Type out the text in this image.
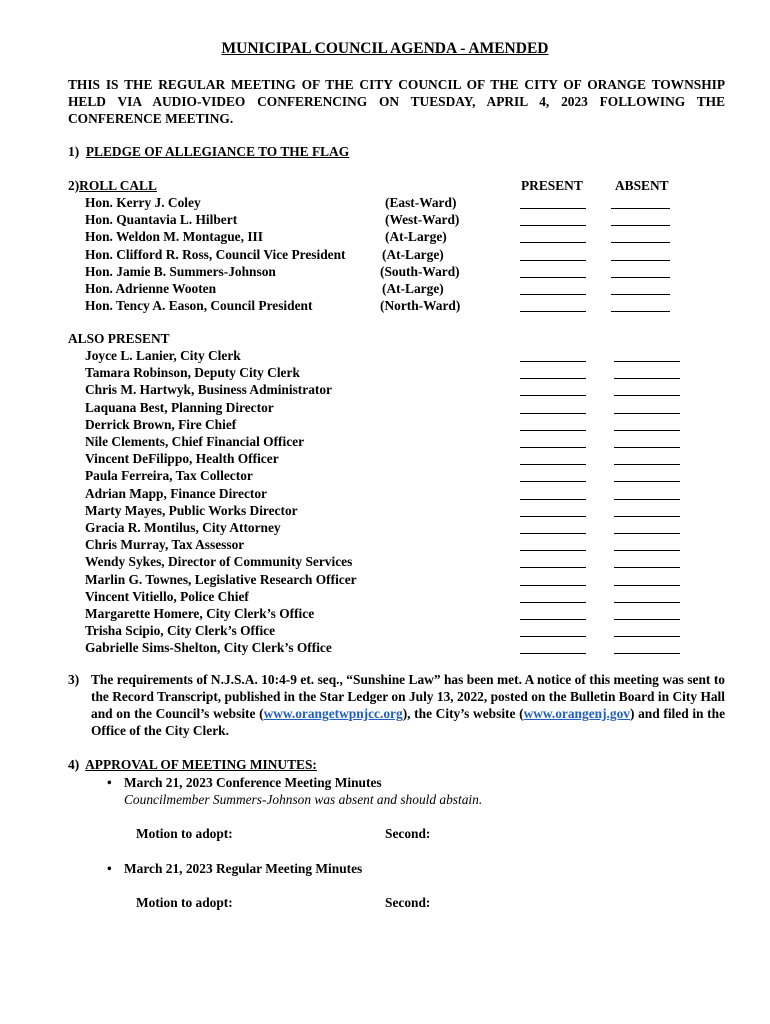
MUNICIPAL COUNCIL AGENDA - AMENDED
THIS IS THE REGULAR MEETING OF THE CITY COUNCIL OF THE CITY OF ORANGE TOWNSHIP HELD VIA AUDIO-VIDEO CONFERENCING ON TUESDAY, APRIL 4, 2023 FOLLOWING THE CONFERENCE MEETING.
1) PLEDGE OF ALLEGIANCE TO THE FLAG
2)ROLL CALL	PRESENT ABSENT
Hon. Kerry J. Coley	(East-Ward)
Hon. Quantavia L. Hilbert	(West-Ward)
Hon. Weldon M. Montague, III	(At-Large)
Hon. Clifford R. Ross, Council Vice President	(At-Large)
Hon. Jamie B. Summers-Johnson	(South-Ward)
Hon. Adrienne Wooten	(At-Large)
Hon. Tency A. Eason, Council President	(North-Ward)
ALSO PRESENT
Joyce L. Lanier, City Clerk
Tamara Robinson, Deputy City Clerk
Chris M. Hartwyk, Business Administrator
Laquana Best, Planning Director
Derrick Brown, Fire Chief
Nile Clements, Chief Financial Officer
Vincent DeFilippo, Health Officer
Paula Ferreira, Tax Collector
Adrian Mapp, Finance Director
Marty Mayes, Public Works Director
Gracia R. Montilus, City Attorney
Chris Murray, Tax Assessor
Wendy Sykes, Director of Community Services
Marlin G. Townes, Legislative Research Officer
Vincent Vitiello, Police Chief
Margarette Homere, City Clerk’s Office
Trisha Scipio, City Clerk’s Office
Gabrielle Sims-Shelton, City Clerk’s Office
3) The requirements of N.J.S.A. 10:4-9 et. seq., “Sunshine Law” has been met. A notice of this meeting was sent to the Record Transcript, published in the Star Ledger on July 13, 2022, posted on the Bulletin Board in City Hall and on the Council’s website (www.orangetwpnjcc.org), the City’s website (www.orangenj.gov) and filed in the Office of the City Clerk.
4) APPROVAL OF MEETING MINUTES:
• March 21, 2023 Conference Meeting Minutes
Councilmember Summers-Johnson was absent and should abstain.
Motion to adopt:	Second:
• March 21, 2023 Regular Meeting Minutes
Motion to adopt:	Second:
